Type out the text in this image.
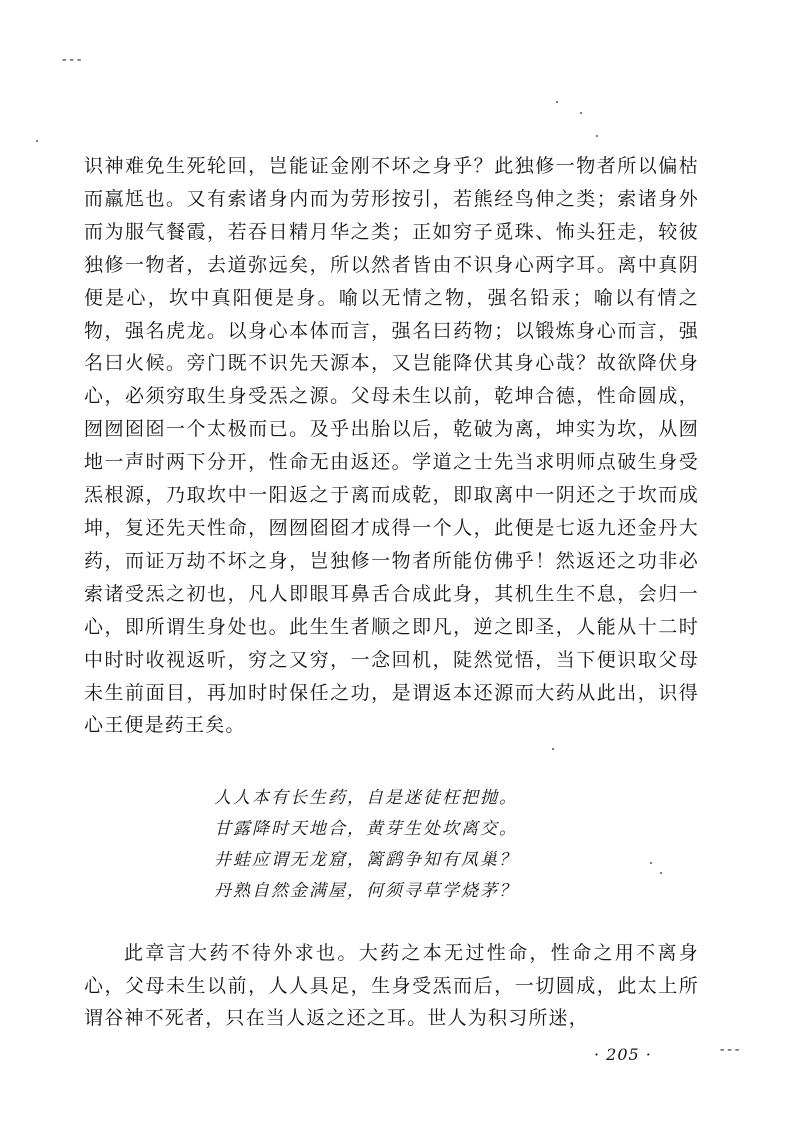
---

识神难免生死轮回，岂能证金刚不坏之身乎？此独修一物者所以偏枯而羸尪也。又有索诸身内而为劳形按引，若熊经鸟伸之类；索诸身外而为服气餐霞，若吞日精月华之类；正如穷子觅珠、怖头狂走，较彼独修一物者，去道弥远矣，所以然者皆由不识身心两字耳。离中真阴便是心，坎中真阳便是身。喻以无情之物，强名铅汞；喻以有情之物，强名虎龙。以身心本体而言，强名曰药物；以锻炼身心而言，强名曰火候。旁门既不识先天源本，又岂能降伏其身心哉？故欲降伏身心，必须穷取生身受炁之源。父母未生以前，乾坤合德，性命圆成，囫囫囵囵一个太极而已。及乎出胎以后，乾破为离，坤实为坎，从囫地一声时两下分开，性命无由返还。学道之士先当求明师点破生身受炁根源，乃取坎中一阳返之于离而成乾，即取离中一阴还之于坎而成坤，复还先天性命，囫囫囵囵才成得一个人，此便是七返九还金丹大药，而证万劫不坏之身，岂独修一物者所能仿佛乎！然返还之功非必索诸受炁之初也，凡人即眼耳鼻舌合成此身，其机生生不息，会归一心，即所谓生身处也。此生生者顺之即凡，逆之即圣，人能从十二时中时时收视返听，穷之又穷，一念回机，陡然觉悟，当下便识取父母未生前面目，再加时时保任之功，是谓返本还源而大药从此出，识得心王便是药王矣。

人人本有长生药，自是迷徒枉把抛。
甘露降时天地合，黄芽生处坎离交。
井蛙应谓无龙窟，篱鹞争知有凤巢？
丹熟自然金满屋，何须寻草学烧茅？

此章言大药不待外求也。大药之本无过性命，性命之用不离身心，父母未生以前，人人具足，生身受炁而后，一切圆成，此太上所谓谷神不死者，只在当人返之还之耳。世人为积习所迷，

· 205 ·	---
